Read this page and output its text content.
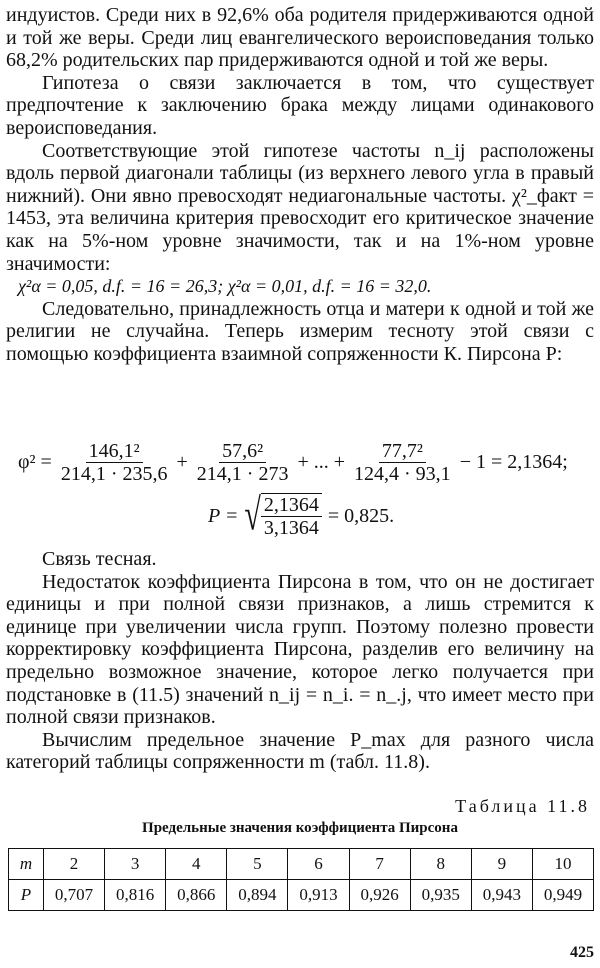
индуистов. Среди них в 92,6% оба родителя придерживаются одной и той же веры. Среди лиц евангелического вероисповедания только 68,2% родительских пар придерживаются одной и той же веры.

Гипотеза о связи заключается в том, что существует предпочтение к заключению брака между лицами одинакового вероисповедания.

Соответствующие этой гипотезе частоты n_ij расположены вдоль первой диагонали таблицы (из верхнего левого угла в правый нижний). Они явно превосходят недиагональные частоты. χ²_факт = 1453, эта величина критерия превосходит его критическое значение как на 5%-ном уровне значимости, так и на 1%-ном уровне значимости:

χ²α = 0,05, d.f. = 16 = 26,3; χ²α = 0,01, d.f. = 16 = 32,0.

Следовательно, принадлежность отца и матери к одной и той же религии не случайна. Теперь измерим тесноту этой связи с помощью коэффициента взаимной сопряженности К. Пирсона P:

$\varphi^2 = \frac{\text{146,1²}}{214,1 \cdot 235,6} + \frac{\text{57,6²}}{214,1 \cdot 273}$ + ... + $\frac{\text{77,7²}}{124,4 \cdot 93,1} - 1 = 2,1364$;
P = √ $\frac{2,1364}{3,1364} = 0,825$.

Связь тесная.

Недостаток коэффициента Пирсона в том, что он не достигает единицы и при полной связи признаков, а лишь стремится к единице при увеличении числа групп. Поэтому полезно провести корректировку коэффициента Пирсона, разделив его величину на предельно возможное значение, которое легко получается при подстановке в (11.5) значений n_ij = n_i. = n_.j, что имеет место при полной связи признаков.

Вычислим предельное значение P_max для разного числа категорий таблицы сопряженности m (табл. 11.8).

Таблица 11.8
Предельные значения коэффициента Пирсона
m	2	3	4	5	6	7	8	9	10
P	0,707	0,816	0,866	0,894	0,913	0,926	0,935	0,943	0,949
425
